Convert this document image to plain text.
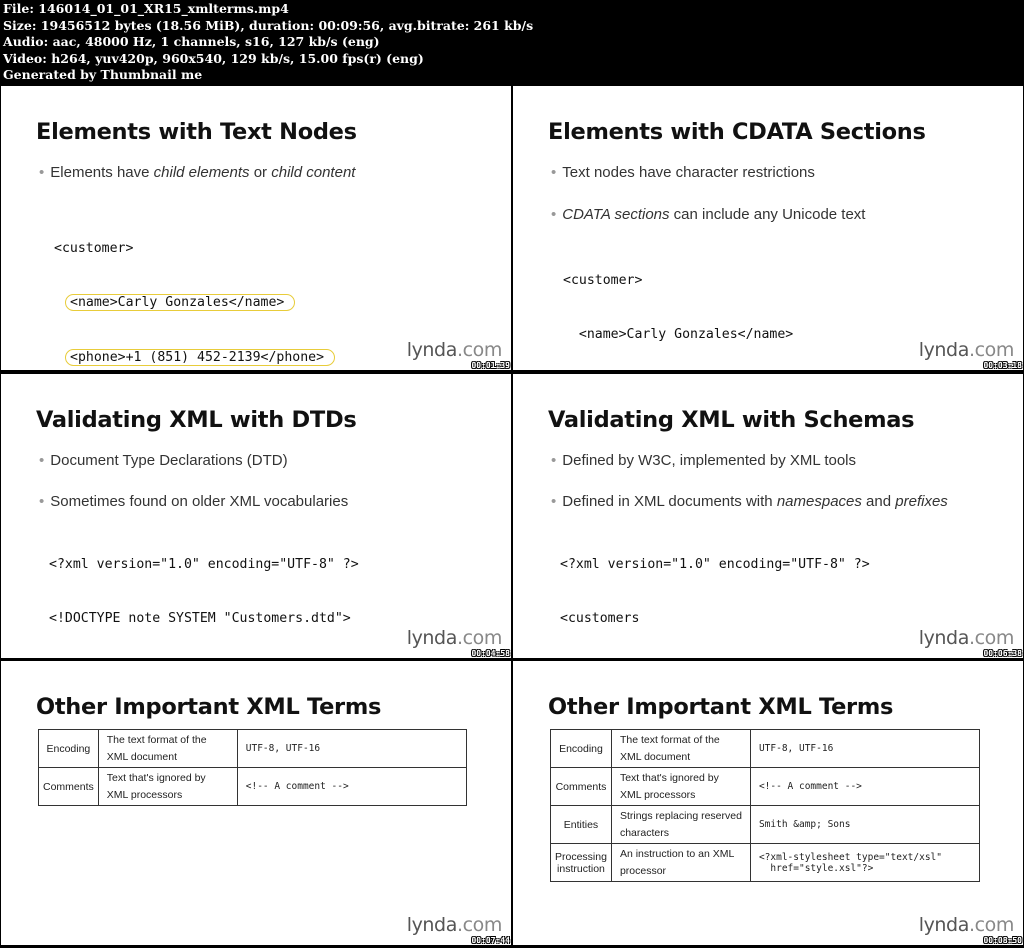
File: 146014_01_01_XR15_xmlterms.mp4
Size: 19456512 bytes (18.56 MiB), duration: 00:09:56, avg.bitrate: 261 kb/s
Audio: aac, 48000 Hz, 1 channels, s16, 127 kb/s (eng)
Video: h264, yuv420p, 960x540, 129 kb/s, 15.00 fps(r) (eng)
Generated by Thumbnail me
Elements with Text Nodes
• Elements have child elements or child content

<customer>

<name>Carly Gonzales</name>

<phone>+1 (851) 452-2139</phone>

	lynda.com
00:01:39
Elements with CDATA Sections
• Text nodes have character restrictions
• CDATA sections can include any Unicode text

<customer>

<name>Carly Gonzales</name>

lynda.com
00:03:18
Validating XML with DTDs
• Document Type Declarations (DTD)
• Sometimes found on older XML vocabularies

<?xml version="1.0" encoding="UTF-8" ?>

<!DOCTYPE note SYSTEM "Customers.dtd">

lynda.com
00:04:58
Validating XML with Schemas
• Defined by W3C, implemented by XML tools
• Defined in XML documents with namespaces and prefixes

<?xml version="1.0" encoding="UTF-8" ?>

<customers

lynda.com
00:06:38
Other Important XML Terms
Encoding	The text format of the XML document	UTF-8, UTF-16
Comments	Text that's ignored by XML processors	<!-- A comment -->
lynda.com
00:07:44
Other Important XML Terms
Encoding	The text format of the XML document	UTF-8, UTF-16
Comments	Text that's ignored by XML processors	<!-- A comment -->
Entities	Strings replacing reserved characters	Smith &amp; Sons
Processing instruction	An instruction to an XML processor	<?xml-stylesheet type="text/xsl"
href="style.xsl"?>
lynda.com
00:08:50
